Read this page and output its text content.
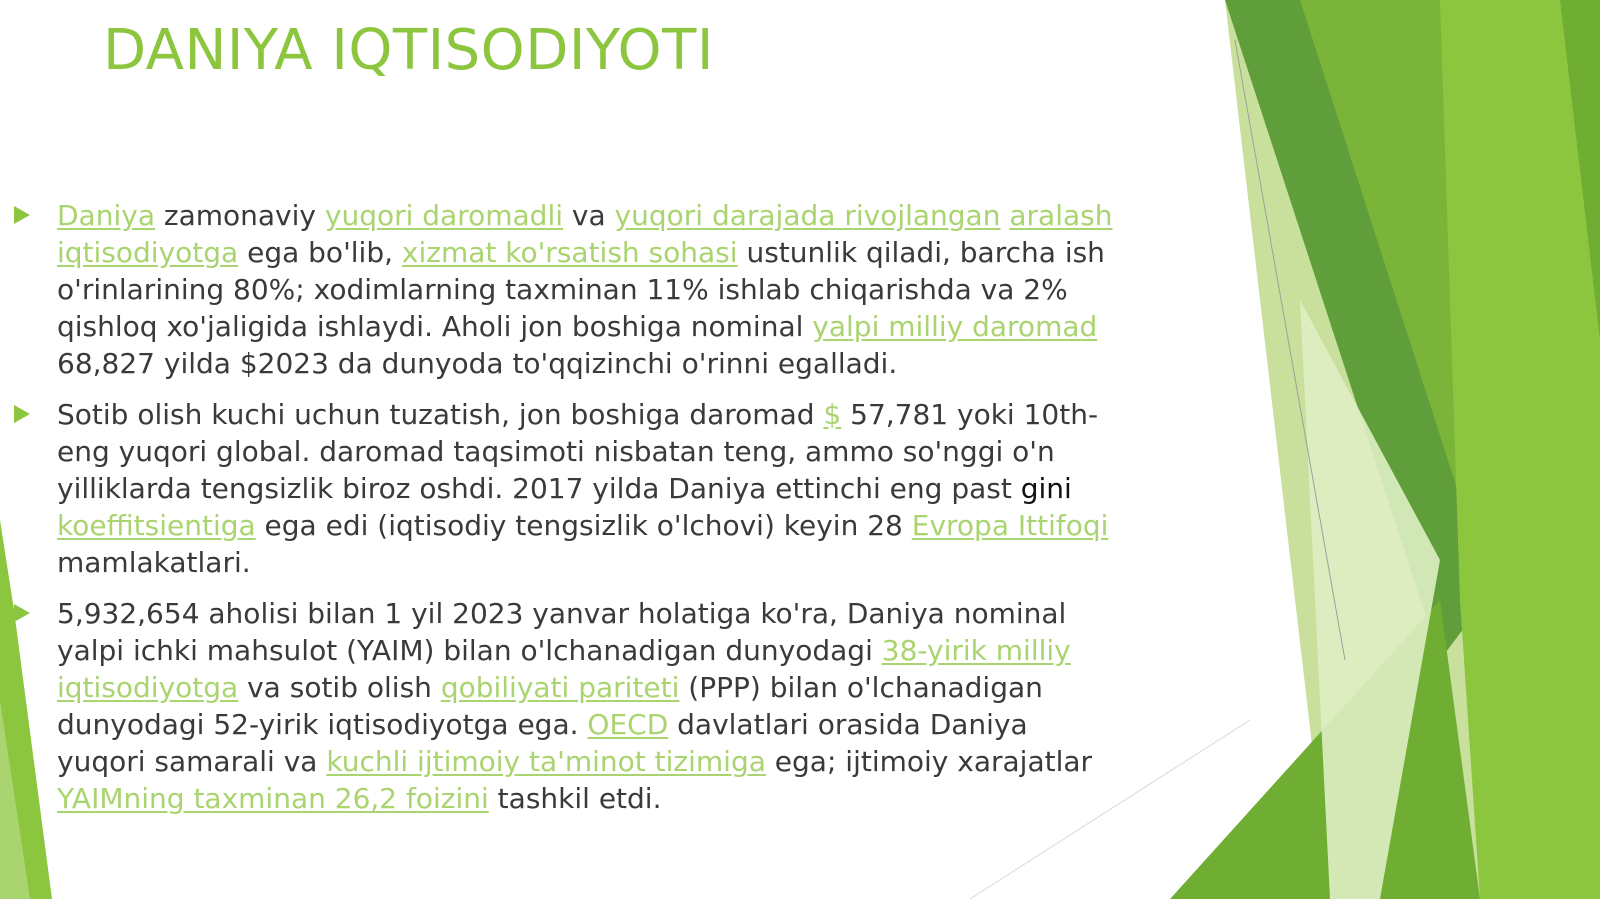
DANIYA IQTISODIYOTI
Daniya zamonaviy yuqori daromadli va yuqori darajada rivojlangan aralash iqtisodiyotga ega bo'lib, xizmat ko'rsatish sohasi ustunlik qiladi, barcha ish o'rinlarining 80%; xodimlarning taxminan 11% ishlab chiqarishda va 2% qishloq xo'jaligida ishlaydi. Aholi jon boshiga nominal yalpi milliy daromad 68,827 yilda $2023 da dunyoda to'qqizinchi o'rinni egalladi.
Sotib olish kuchi uchun tuzatish, jon boshiga daromad $ 57,781 yoki 10th-eng yuqori global. daromad taqsimoti nisbatan teng, ammo so'nggi o'n yilliklarda tengsizlik biroz oshdi. 2017 yilda Daniya ettinchi eng past gini koeffitsientiga ega edi (iqtisodiy tengsizlik o'lchovi) keyin 28 Evropa Ittifoqi mamlakatlari.
5,932,654 aholisi bilan 1 yil 2023 yanvar holatiga ko'ra, Daniya nominal yalpi ichki mahsulot (YAIM) bilan o'lchanadigan dunyodagi 38-yirik milliy iqtisodiyotga va sotib olish qobiliyati pariteti (PPP) bilan o'lchanadigan dunyodagi 52-yirik iqtisodiyotga ega. OECD davlatlari orasida Daniya yuqori samarali va kuchli ijtimoiy ta'minot tizimiga ega; ijtimoiy xarajatlar YAIMning taxminan 26,2 foizini tashkil etdi.
